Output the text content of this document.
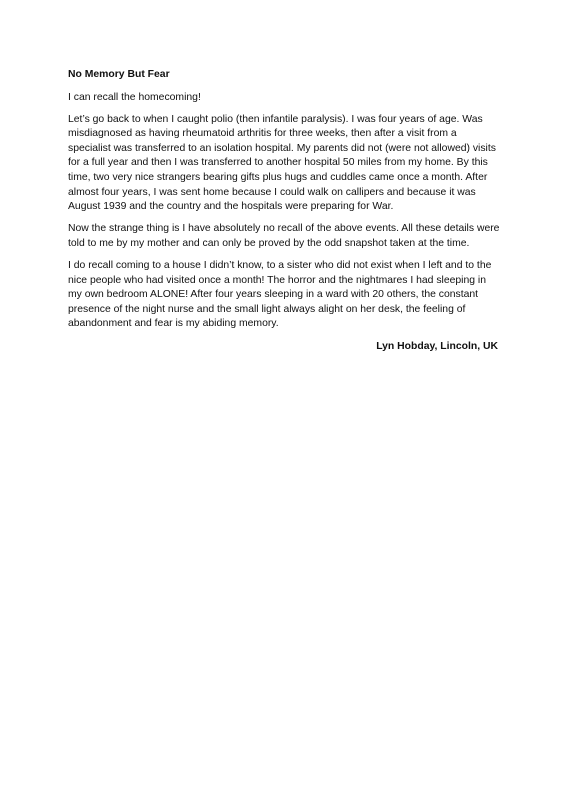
No Memory But Fear

I can recall the homecoming!

Let’s go back to when I caught polio (then infantile paralysis). I was four years of age. Was misdiagnosed as having rheumatoid arthritis for three weeks, then after a visit from a specialist was transferred to an isolation hospital. My parents did not (were not allowed) visits for a full year and then I was transferred to another hospital 50 miles from my home. By this time, two very nice strangers bearing gifts plus hugs and cuddles came once a month. After almost four years, I was sent home because I could walk on callipers and because it was August 1939 and the country and the hospitals were preparing for War.

Now the strange thing is I have absolutely no recall of the above events. All these details were told to me by my mother and can only be proved by the odd snapshot taken at the time.

I do recall coming to a house I didn’t know, to a sister who did not exist when I left and to the nice people who had visited once a month! The horror and the nightmares I had sleeping in my own bedroom ALONE! After four years sleeping in a ward with 20 others, the constant presence of the night nurse and the small light always alight on her desk, the feeling of abandonment and fear is my abiding memory.

Lyn Hobday, Lincoln, UK
